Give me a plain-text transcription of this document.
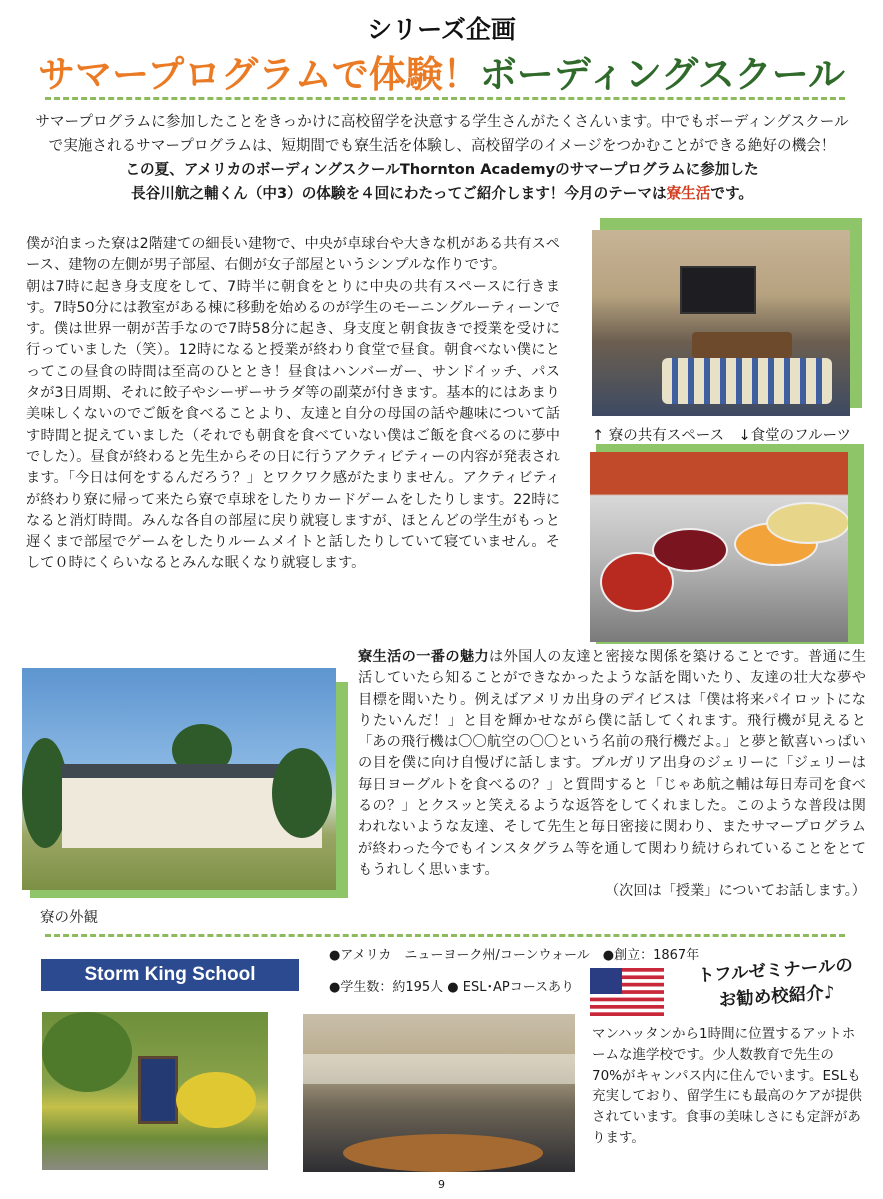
シリーズ企画
サマープログラムで体験！ボーディングスクール
サマープログラムに参加したことをきっかけに高校留学を決意する学生さんがたくさんいます。中でもボーディングスクール
で実施されるサマープログラムは、短期間でも寮生活を体験し、高校留学のイメージをつかむことができる絶好の機会！
この夏、アメリカのボーディングスクールThornton Academyのサマープログラムに参加した
長谷川航之輔くん（中3）の体験を４回にわたってご紹介します！今月のテーマは寮生活です。
僕が泊まった寮は2階建ての細長い建物で、中央が卓球台や大きな机がある共有スペース、建物の左側が男子部屋、右側が女子部屋というシンプルな作りです。
朝は7時に起き身支度をして、7時半に朝食をとりに中央の共有スペースに行きます。7時50分には教室がある棟に移動を始めるのが学生のモーニングルーティーンです。僕は世界一朝が苦手なので7時58分に起き、身支度と朝食抜きで授業を受けに行っていました（笑）。12時になると授業が終わり食堂で昼食。朝食べない僕にとってこの昼食の時間は至高のひととき！昼食はハンバーガー、サンドイッチ、パスタが3日周期、それに餃子やシーザーサラダ等の副菜が付きます。基本的にはあまり美味しくないのでご飯を食べることより、友達と自分の母国の話や趣味について話す時間と捉えていました（それでも朝食を食べていない僕はご飯を食べるのに夢中でした）。昼食が終わると先生からその日に行うアクティビティーの内容が発表されます。「今日は何をするんだろう？」とワクワク感がたまりません。アクティビティが終わり寮に帰って来たら寮で卓球をしたりカードゲームをしたりします。22時になると消灯時間。みんな各自の部屋に戻り就寝しますが、ほとんどの学生がもっと遅くまで部屋でゲームをしたりルームメイトと話したりしていて寝ていません。そして０時にくらいなるとみんな眠くなり就寝します。
↑ 寮の共有スペース　↓食堂のフルーツ
寮生活の一番の魅力は外国人の友達と密接な関係を築けることです。普通に生活していたら知ることができなかったような話を聞いたり、友達の壮大な夢や目標を聞いたり。例えばアメリカ出身のデイビスは「僕は将来パイロットになりたいんだ！」と目を輝かせながら僕に話してくれます。飛行機が見えると「あの飛行機は〇〇航空の〇〇という名前の飛行機だよ。」と夢と歓喜いっぱいの目を僕に向け自慢げに話します。ブルガリア出身のジェリーに「ジェリーは毎日ヨーグルトを食べるの？」と質問すると「じゃあ航之輔は毎日寿司を食べるの？」とクスッと笑えるような返答をしてくれました。このような普段は関われないような友達、そして先生と毎日密接に関わり、またサマープログラムが終わった今でもインスタグラム等を通して関わり続けられていることをとてもうれしく思います。

（次回は「授業」についてお話します。）
寮の外観
Storm King School
●アメリカ　ニューヨーク州/コーンウォール　●創立：1867年
●学生数：約195人 ● ESL･APコースあり
トフルゼミナールの
お勧め校紹介♪
マンハッタンから1時間に位置するアットホームな進学校です。少人数教育で先生の70%がキャンパス内に住んでいます。ESLも充実しており、留学生にも最高のケアが提供されています。食事の美味しさにも定評があります。
9
